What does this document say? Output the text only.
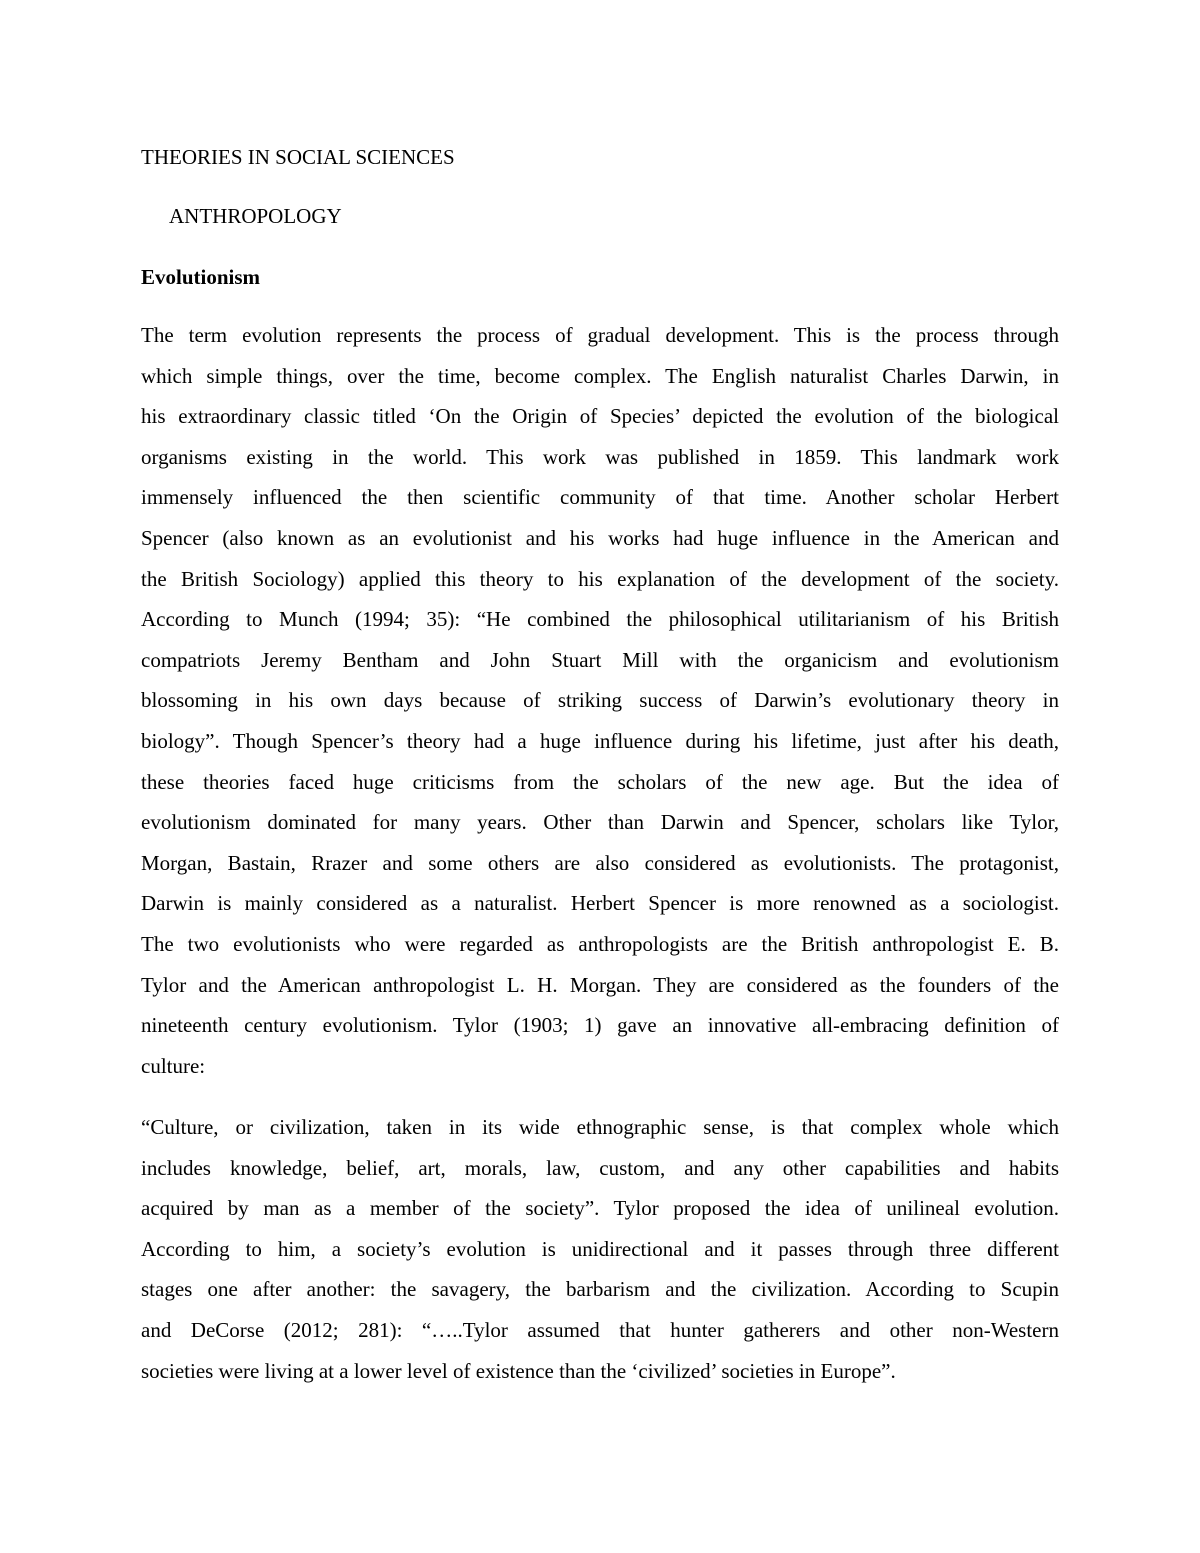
THEORIES IN SOCIAL SCIENCES
ANTHROPOLOGY
Evolutionism
The term evolution represents the process of gradual development. This is the process through
which simple things, over the time, become complex. The English naturalist Charles Darwin, in
his extraordinary classic titled ‘On the Origin of Species’ depicted the evolution of the biological
organisms existing in the world. This work was published in 1859. This landmark work
immensely influenced the then scientific community of that time. Another scholar Herbert
Spencer (also known as an evolutionist and his works had huge influence in the American and
the British Sociology) applied this theory to his explanation of the development of the society.
According to Munch (1994; 35): “He combined the philosophical utilitarianism of his British
compatriots Jeremy Bentham and John Stuart Mill with the organicism and evolutionism
blossoming in his own days because of striking success of Darwin’s evolutionary theory in
biology”. Though Spencer’s theory had a huge influence during his lifetime, just after his death,
these theories faced huge criticisms from the scholars of the new age. But the idea of
evolutionism dominated for many years. Other than Darwin and Spencer, scholars like Tylor,
Morgan, Bastain, Rrazer and some others are also considered as evolutionists. The protagonist,
Darwin is mainly considered as a naturalist. Herbert Spencer is more renowned as a sociologist.
The two evolutionists who were regarded as anthropologists are the British anthropologist E. B.
Tylor and the American anthropologist L. H. Morgan. They are considered as the founders of the
nineteenth century evolutionism. Tylor (1903; 1) gave an innovative all-embracing definition of
culture:
“Culture, or civilization, taken in its wide ethnographic sense, is that complex whole which
includes knowledge, belief, art, morals, law, custom, and any other capabilities and habits
acquired by man as a member of the society”. Tylor proposed the idea of unilineal evolution.
According to him, a society’s evolution is unidirectional and it passes through three different
stages one after another: the savagery, the barbarism and the civilization. According to Scupin
and DeCorse (2012; 281): “…..Tylor assumed that hunter gatherers and other non-Western
societies were living at a lower level of existence than the ‘civilized’ societies in Europe”.
